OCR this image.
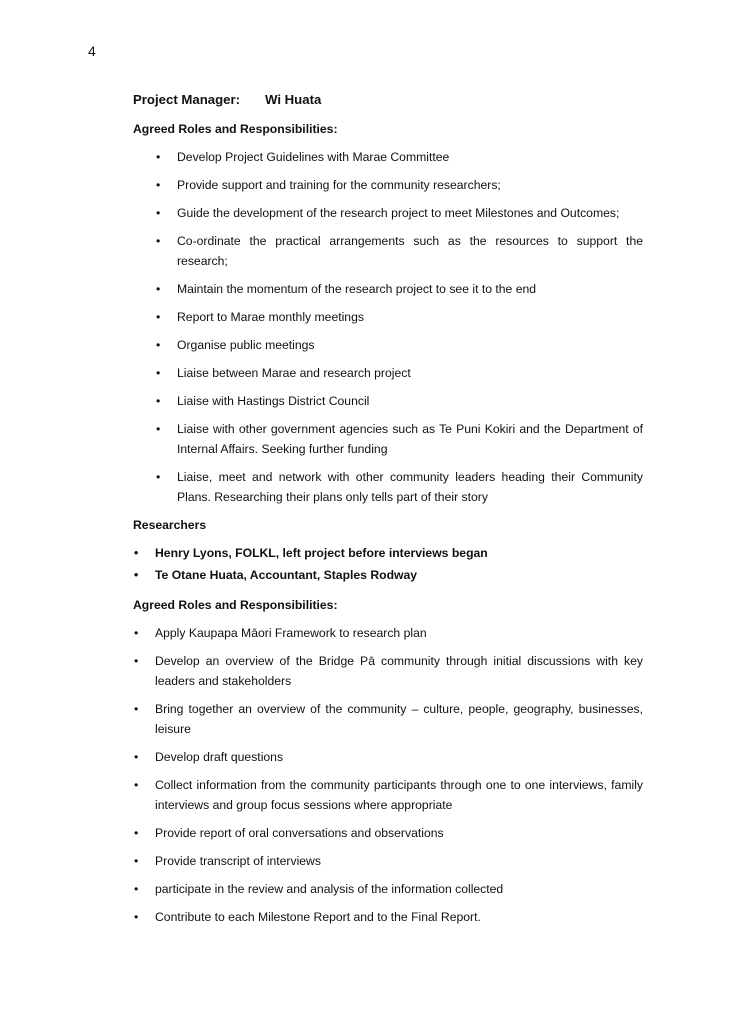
4
Project Manager: Wi Huata
Agreed Roles and Responsibilities:
• Develop Project Guidelines with Marae Committee
• Provide support and training for the community researchers;
• Guide the development of the research project to meet Milestones and Outcomes;
• Co-ordinate the practical arrangements such as the resources to support the research;
• Maintain the momentum of the research project to see it to the end
• Report to Marae monthly meetings
• Organise public meetings
• Liaise between Marae and research project
• Liaise with Hastings District Council
• Liaise with other government agencies such as Te Puni Kokiri and the Department of Internal Affairs. Seeking further funding
• Liaise, meet and network with other community leaders heading their Community Plans. Researching their plans only tells part of their story
Researchers
• Henry Lyons, FOLKL, left project before interviews began
• Te Otane Huata, Accountant, Staples Rodway
Agreed Roles and Responsibilities:
• Apply Kaupapa Māori Framework to research plan
• Develop an overview of the Bridge Pā community through initial discussions with key leaders and stakeholders
• Bring together an overview of the community – culture, people, geography, businesses, leisure
• Develop draft questions
• Collect information from the community participants through one to one interviews, family interviews and group focus sessions where appropriate
• Provide report of oral conversations and observations
• Provide transcript of interviews
• participate in the review and analysis of the information collected
• Contribute to each Milestone Report and to the Final Report.
